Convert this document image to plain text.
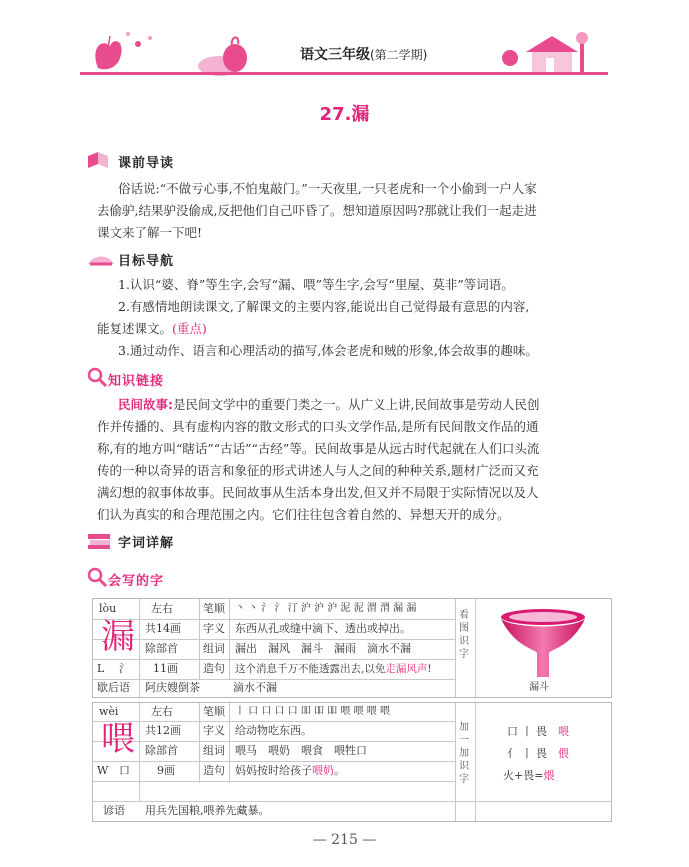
语文三年级(第二学期)
27.漏
课前导读
俗话说:“不做亏心事,不怕鬼敲门。”一天夜里,一只老虎和一个小偷到一户人家
去偷驴,结果驴没偷成,反把他们自己吓昏了。想知道原因吗?那就让我们一起走进
课文来了解一下吧!
目标导航
1.认识“婆、脊”等生字,会写“漏、喂”等生字,会写“里屋、莫非”等词语。
2.有感情地朗读课文,了解课文的主要内容,能说出自己觉得最有意思的内容,
能复述课文。(重点)
3.通过动作、语言和心理活动的描写,体会老虎和贼的形象,体会故事的趣味。
知识链接
民间故事:是民间文学中的重要门类之一。从广义上讲,民间故事是劳动人民创
作并传播的、具有虚构内容的散文形式的口头文学作品,是所有民间散文作品的通
称,有的地方叫“瞎话”“古话”“古经”等。民间故事是从远古时代起就在人们口头流
传的一种以奇异的语言和象征的形式讲述人与人之间的种种关系,题材广泛而又充
满幻想的叙事体故事。民间故事从生活本身出发,但又并不局限于实际情况以及人
们认为真实的和合理范围之内。它们往往包含着自然的、异想天开的成分。
字词详解
会写的字
lòu
漏
L 氵
左右
共14画
除部首
11画
笔顺
字义
组词
造句
丶 丶 氵 氵 汀 沪 沪 沪 泥 泥 渭 渭 漏 漏
东西从孔或缝中滴下、透出或掉出。
漏出　漏风　漏斗　漏雨　滴水不漏
这个消息千万不能透露出去,以免走漏风声!
歇后语 阿庆嫂倒茶　　　滴水不漏
看图识字
漏斗
wèi
喂
W 口
左右
共12画
除部首
9画
笔顺
字义
组词
造句
丨 口 口 口 口 吅 吅 吅 喂 喂 喂 喂
给动物吃东西。
喂马　喂奶　喂食　喂牲口
妈妈按时给孩子喂奶。
谚语 用兵先国粮,喂养先藏暴。
加一加识字
口 丨 畏　 喂
亻 丨 畏　 偎
火+畏=煨
— 215 —
